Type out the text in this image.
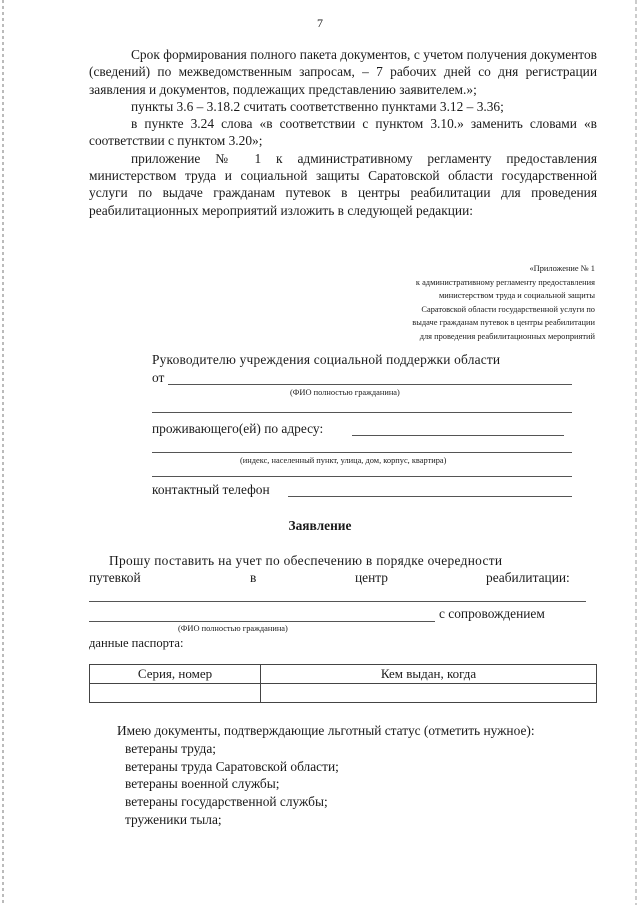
7

Срок формирования полного пакета документов, с учетом получения документов (сведений) по межведомственным запросам, – 7 рабочих дней со дня регистрации заявления и документов, подлежащих представлению заявителем.»;

пункты 3.6 – 3.18.2 считать соответственно пунктами 3.12 – 3.36;

в пункте 3.24 слова «в соответствии с пунктом 3.10.» заменить словами «в соответствии с пунктом 3.20»;

приложение № 1 к административному регламенту предоставления министерством труда и социальной защиты Саратовской области государственной услуги по выдаче гражданам путевок в центры реабилитации для проведения реабилитационных мероприятий изложить в следующей редакции:

«Приложение № 1
к административному регламенту предоставления
министерством труда и социальной защиты
Саратовской области государственной услуги по
выдаче гражданам путевок в центры реабилитации
для проведения реабилитационных мероприятий
Руководителю учреждения социальной поддержки области
от
(ФИО полностью гражданина)
проживающего(ей) по адресу:
(индекс, населенный пункт, улица, дом, корпус, квартира)
контактный телефон
Заявление
Прошу поставить на учет по обеспечению в порядке очередности
путевкой	в	центр	реабилитации:
с сопровождением
(ФИО полностью гражданина)
данные паспорта:
Серия, номер	Кем выдан, когда

Имею документы, подтверждающие льготный статус (отметить нужное):
ветераны труда;
ветераны труда Саратовской области;
ветераны военной службы;
ветераны государственной службы;
труженики тыла;
